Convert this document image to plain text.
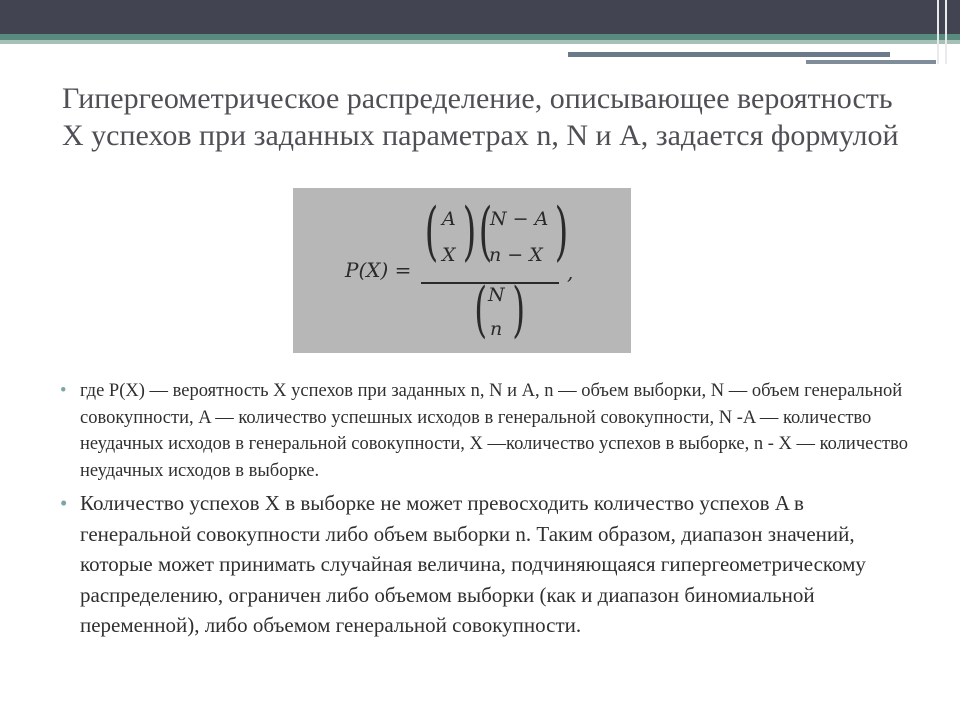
Гипергеометрическое распределение, описывающее вероятность X успехов при заданных параметрах n, N и A, задается формулой
P(X) =
( A
X ) (
N − A
n − X )
( N
n )
,
• где P(X) — вероятность X успехов при заданных n, N и A, n — объем выборки, N — объем генеральной совокупности, A — количество успешных исходов в генеральной совокупности, N -A — количество неудачных исходов в генеральной совокупности, X —количество успехов в выборке, n - X — количество неудачных исходов в выборке.
• Количество успехов X в выборке не может превосходить количество успехов A в генеральной совокупности либо объем выборки n. Таким образом, диапазон значений, которые может принимать случайная величина, подчиняющаяся гипергеометрическому распределению, ограничен либо объемом выборки (как и диапазон биномиальной переменной), либо объемом генеральной совокупности.
